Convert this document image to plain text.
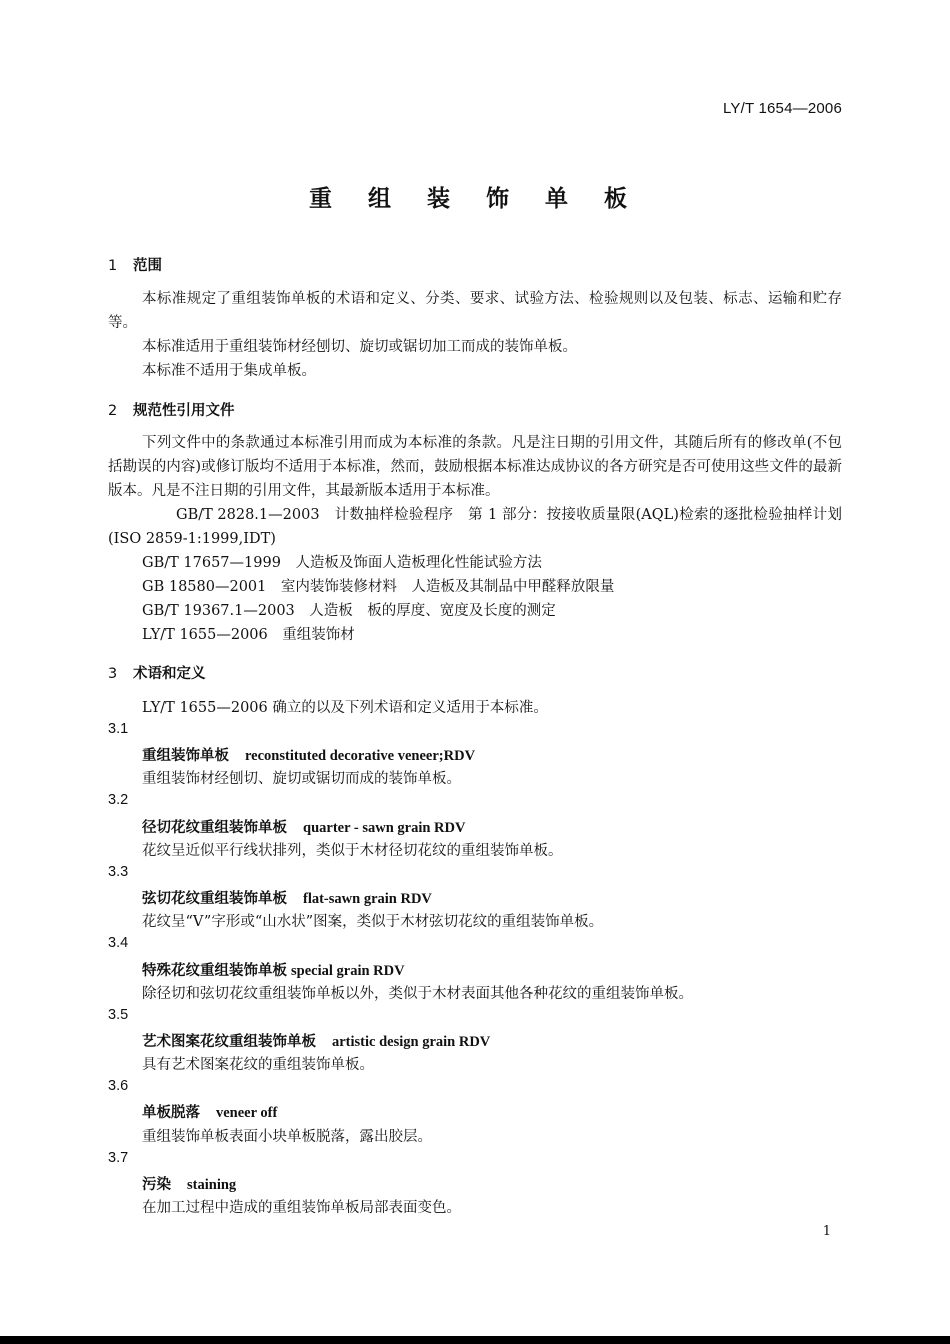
LY/T 1654—2006
重 组 装 饰 单 板
1 范围
本标准规定了重组装饰单板的术语和定义、分类、要求、试验方法、检验规则以及包装、标志、运输和贮存等。
本标准适用于重组装饰材经刨切、旋切或锯切加工而成的装饰单板。
本标准不适用于集成单板。
2 规范性引用文件
下列文件中的条款通过本标准引用而成为本标准的条款。凡是注日期的引用文件，其随后所有的修改单(不包括勘误的内容)或修订版均不适用于本标准，然而，鼓励根据本标准达成协议的各方研究是否可使用这些文件的最新版本。凡是不注日期的引用文件，其最新版本适用于本标准。
GB/T 2828.1—2003　 计数抽样检验程序　第 1 部分：按接收质量限(AQL)检索的逐批检验抽样计划(ISO 2859-1:1999,IDT)
GB/T 17657—1999　 人造板及饰面人造板理化性能试验方法
GB 18580—2001　 室内装饰装修材料　人造板及其制品中甲醛释放限量
GB/T 19367.1—2003　 人造板　板的厚度、宽度及长度的测定
LY/T 1655—2006　 重组装饰材
3 术语和定义
LY/T 1655—2006 确立的以及下列术语和定义适用于本标准。
3.1
重组装饰单板 reconstituted decorative veneer;RDV
重组装饰材经刨切、旋切或锯切而成的装饰单板。
3.2
径切花纹重组装饰单板 quarter - sawn grain RDV
花纹呈近似平行线状排列，类似于木材径切花纹的重组装饰单板。
3.3
弦切花纹重组装饰单板 flat-sawn grain RDV
花纹呈“V”字形或“山水状”图案，类似于木材弦切花纹的重组装饰单板。
3.4
特殊花纹重组装饰单板 special grain RDV
除径切和弦切花纹重组装饰单板以外，类似于木材表面其他各种花纹的重组装饰单板。
3.5
艺术图案花纹重组装饰单板 artistic design grain RDV
具有艺术图案花纹的重组装饰单板。
3.6
单板脱落 veneer off
重组装饰单板表面小块单板脱落，露出胶层。
3.7
污染 staining
在加工过程中造成的重组装饰单板局部表面变色。
1
